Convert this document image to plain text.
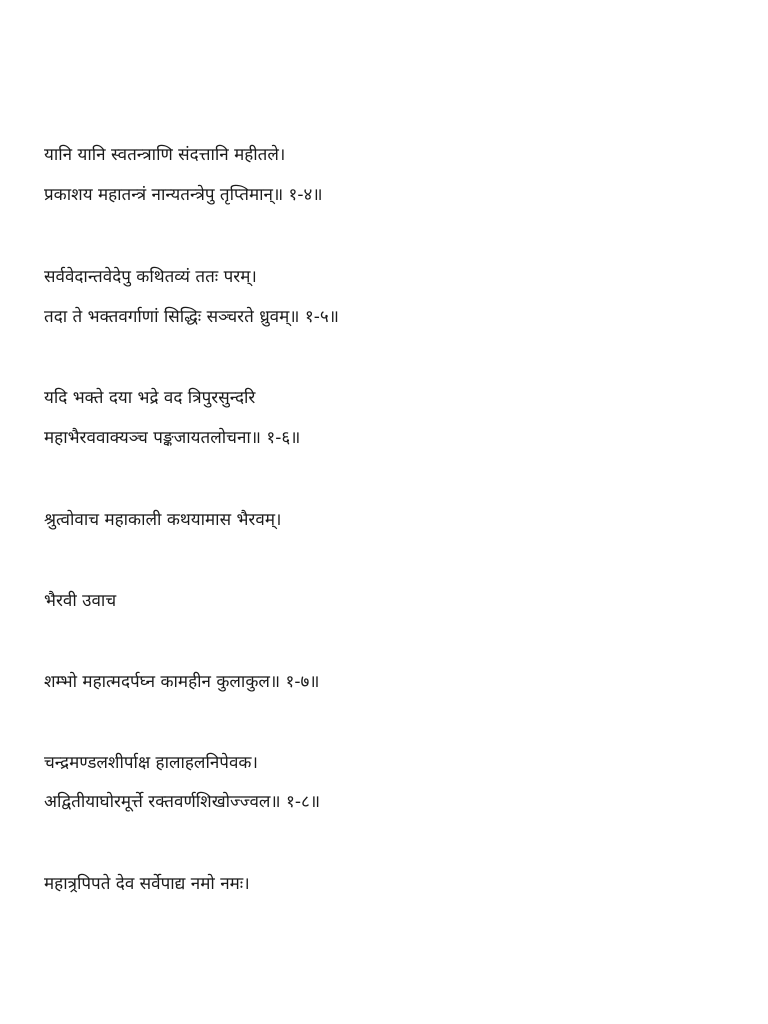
यानि यानि स्वतन्त्राणि संदत्तानि महीतले।
प्रकाशय महातन्त्रं नान्यतन्त्रेपु तृप्तिमान्॥ १-४॥
सर्ववेदान्तवेदेपु कथितव्यं ततः परम्।
तदा ते भक्तवर्गाणां सिद्धिः सञ्चरते ध्रुवम्॥ १-५॥
यदि भक्ते दया भद्रे वद त्रिपुरसुन्दरि
महाभैरववाक्यञ्च पङ्कजायतलोचना॥ १-६॥
श्रुत्वोवाच महाकाली कथयामास भैरवम्।
भैरवी उवाच
शम्भो महात्मदर्पघ्न कामहीन कुलाकुल॥ १-७॥
चन्द्रमण्डलशीर्पाक्ष हालाहलनिपेवक।
अद्वितीयाघोरमूर्त्ते रक्तवर्णशिखोज्ज्वल॥ १-८॥
महात्र्रपिपते देव सर्वेपाद्य नमो नमः।
